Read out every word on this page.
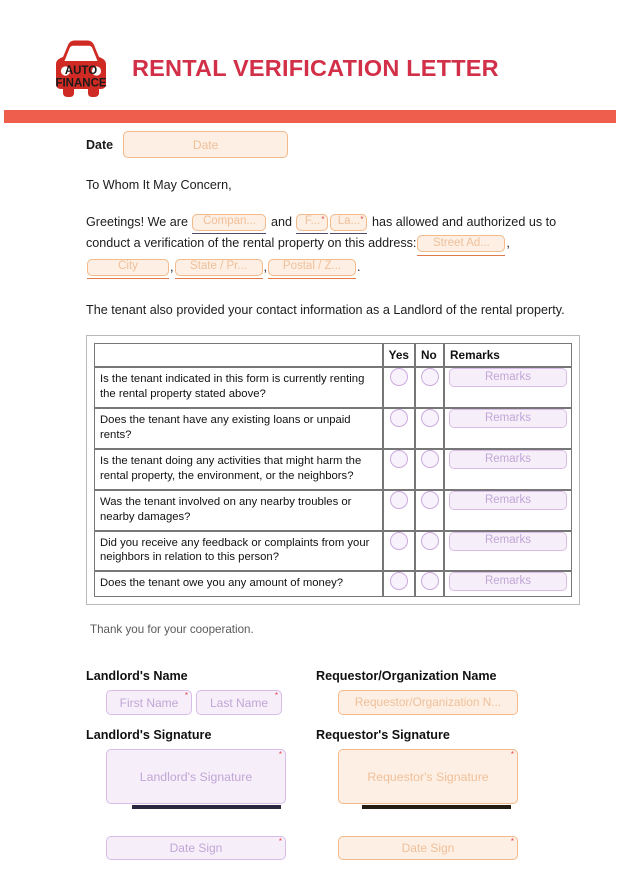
AUTO
FINANCE
RENTAL VERIFICATION LETTER
Date	Date
To Whom It May Concern,
Greetings! We are Compan... and F... * La... * has allowed and authorized us to conduct a verification of the rental property on this address: Street Ad... ,
City	, State / Pr... , Postal / Z... .
The tenant also provided your contact information as a Landlord of the rental property.
	Yes	No	Remarks
Is the tenant indicated in this form is currently renting the rental property stated above?			Remarks

Does the tenant have any existing loans or unpaid rents?			Remarks

Is the tenant doing any activities that might harm the rental property, the environment, or the neighbors?			Remarks

Was the tenant involved on any nearby troubles or nearby damages?			Remarks

Did you receive any feedback or complaints from your neighbors in relation to this person?			Remarks

Does the tenant owe you any amount of money?			Remarks
Thank you for your cooperation.
Landlord's Name
First Name * Last Name *
Landlord's Signature
Landlord's Signature
*
Date Sign	*
Requestor/Organization Name
Requestor/Organization N...
Requestor's Signature
Requestor's Signature
*
Date Sign	*
